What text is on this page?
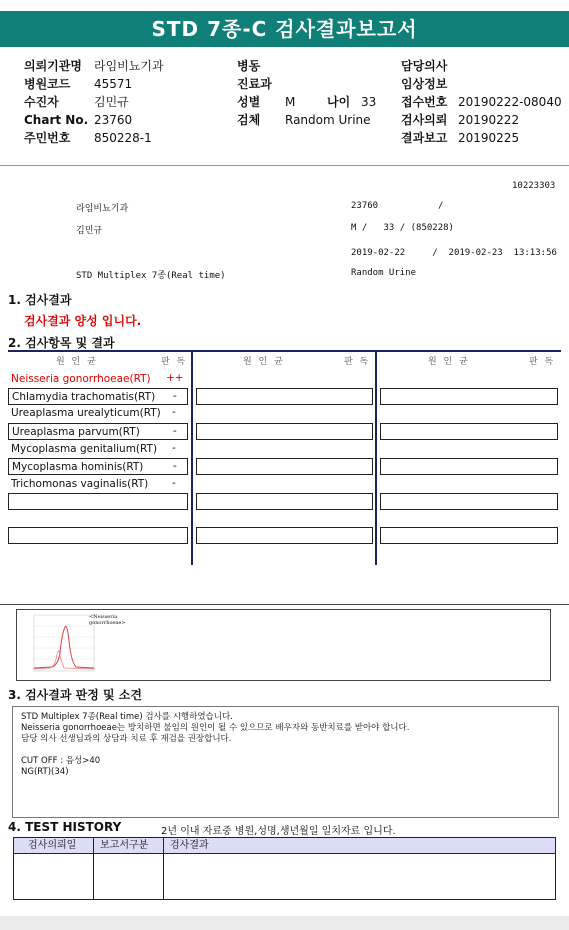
STD 7종-C 검사결과보고서
의뢰기관명 라임비뇨기과
병원코드 45571
수진자	김민규
Chart No. 23760
주민번호 850228-1
병동
진료과
성별 M	나이 33
검체 Random Urine
담당의사
임상정보
접수번호 20190222-08040
검사의뢰 20190222
결과보고 20190225
10223303
라임비뇨기과	23760	/
김민규	M /   33 / (850228)
2019-02-22     /  2019-02-23  13:13:56
STD Multiplex 7종(Real time)	Random Urine
1. 검사결과
검사결과 양성 입니다.
2. 검사항목 및 결과
원 인 균	판 독	원 인 균	판 독	원 인 균	판 독
Neisseria gonorrhoeae(RT) ++
Chlamydia trachomatis(RT) -
Ureaplasma urealyticum(RT) -
Ureaplasma parvum(RT)	-
Mycoplasma genitalium(RT) -
Mycoplasma hominis(RT)	-
Trichomonas vaginalis(RT) -
·
·
·
·
·
<Neisseria gonorrhoeae>
3. 검사결과 판정 및 소견
STD Multiplex 7종(Real time) 검사를 시행하였습니다.
Neisseria gonorrhoeae는 방치하면 불임의 원인이 될 수 있으므로 배우자와 동반치료를 받아야 합니다.
담당 의사 선생님과의 상담과 치료 후 재검을 권장합니다.

CUT OFF : 음성>40
NG(RT)(34)
4. TEST HISTORY	2년 이내 자료중 병원,성명,생년월일 일치자료 입니다.
검사의뢰일	보고서구분	검사결과
